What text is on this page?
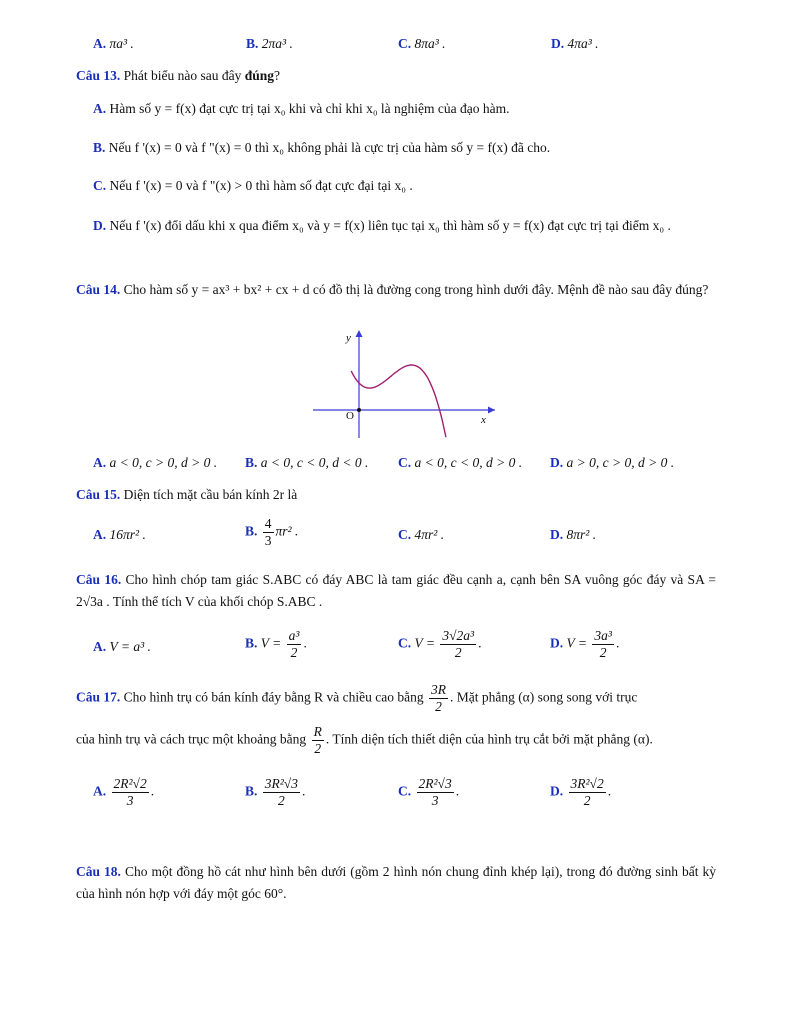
A. πa³ .	B. 2πa³ .	C. 8πa³ .	D. 4πa³ .
Câu 13. Phát biểu nào sau đây đúng?
A. Hàm số y = f(x) đạt cực trị tại x₀ khi và chỉ khi x₀ là nghiệm của đạo hàm.
B. Nếu f '(x) = 0 và f "(x) = 0 thì x₀ không phải là cực trị của hàm số y = f(x) đã cho.
C. Nếu f '(x) = 0 và f "(x) > 0 thì hàm số đạt cực đại tại x₀ .
D. Nếu f '(x) đổi dấu khi x qua điểm x₀ và y = f(x) liên tục tại x₀ thì hàm số y = f(x) đạt cực trị tại điểm x₀ .
Câu 14. Cho hàm số y = ax³ + bx² + cx + d có đồ thị là đường cong trong hình dưới đây. Mệnh đề nào sau đây đúng?
y
x
O
A. a < 0, c > 0, d > 0 . B. a < 0, c < 0, d < 0 . C. a < 0, c < 0, d > 0 . D. a > 0, c > 0, d > 0 .
Câu 15. Diện tích mặt cầu bán kính 2r là
A. 16πr² .	B. $\frac{4}{3} \pi r^2$ .	C. 4πr² .	D. 8πr² .
Câu 16. Cho hình chóp tam giác S.ABC có đáy ABC là tam giác đều cạnh a, cạnh bên SA vuông góc đáy và SA = 2√3a . Tính thể tích V của khối chóp S.ABC .
A. V = a³ .	B. $V = \frac{\text{a³}}{2}$ .	C. $V = \frac{\text{3√2a³}}{2}$ .	D. $V = \frac{\text{3a³}}{2}$ .
Câu 17. Cho hình trụ có bán kính đáy bằng R và chiều cao bằng $\frac{3R}{2}$ . Mặt phẳng (α) song song với trục
của hình trụ và cách trục một khoảng bằng $\frac{R}{2}$ . Tính diện tích thiết diện của hình trụ cắt bởi mặt phẳng (α).
A. $\frac{\text{2R²√2}}{3}$ .	B. $\frac{\text{3R²√3}}{2}$ .	C. $\frac{\text{2R²√3}}{3}$ .	D. $\frac{\text{3R²√2}}{2}$ .
Câu 18. Cho một đồng hồ cát như hình bên dưới (gồm 2 hình nón chung đỉnh khép lại), trong đó đường sinh bất kỳ của hình nón hợp với đáy một góc 60°.
